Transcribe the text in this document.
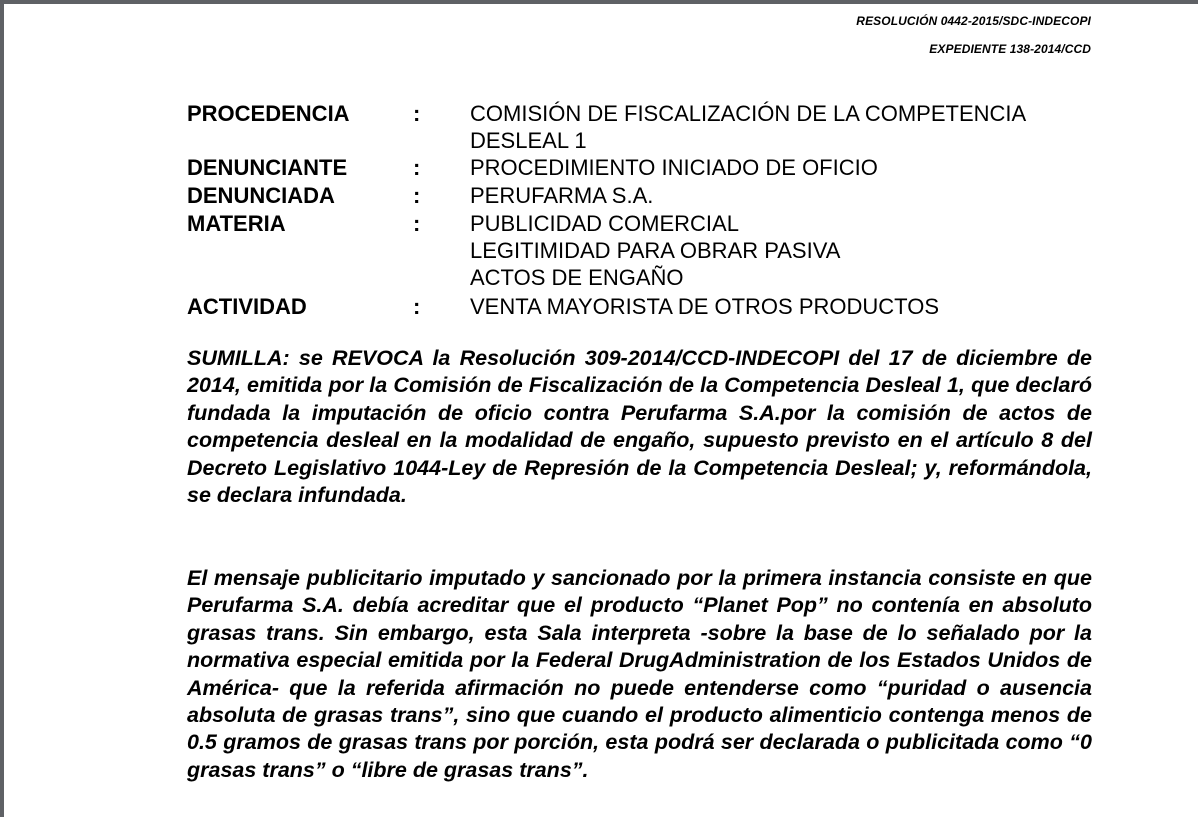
RESOLUCIÓN 0442-2015/SDC-INDECOPI
EXPEDIENTE 138-2014/CCD
PROCEDENCIA	: COMISIÓN DE FISCALIZACIÓN DE LA COMPETENCIA
DESLEAL 1
DENUNCIANTE	: PROCEDIMIENTO INICIADO DE OFICIO
DENUNCIADA	: PERUFARMA S.A.
MATERIA	: PUBLICIDAD COMERCIAL
LEGITIMIDAD PARA OBRAR PASIVA
ACTOS DE ENGAÑO
ACTIVIDAD	: VENTA MAYORISTA DE OTROS PRODUCTOS

SUMILLA: se REVOCA la Resolución 309-2014/CCD-INDECOPI del 17 de diciembre de 2014, emitida por la Comisión de Fiscalización de la Competencia Desleal 1, que declaró fundada la imputación de oficio contra Perufarma S.A.por la comisión de actos de competencia desleal en la modalidad de engaño, supuesto previsto en el artículo 8 del Decreto Legislativo 1044-Ley de Represión de la Competencia Desleal; y, reformándola, se declara infundada.

El mensaje publicitario imputado y sancionado por la primera instancia consiste en que Perufarma S.A. debía acreditar que el producto “Planet Pop” no contenía en absoluto grasas trans. Sin embargo, esta Sala interpreta -sobre la base de lo señalado por la normativa especial emitida por la Federal DrugAdministration de los Estados Unidos de América- que la referida afirmación no puede entenderse como “puridad o ausencia absoluta de grasas trans”, sino que cuando el producto alimenticio contenga menos de 0.5 gramos de grasas trans por porción, esta podrá ser declarada o publicitada como “0 grasas trans” o “libre de grasas trans”.
